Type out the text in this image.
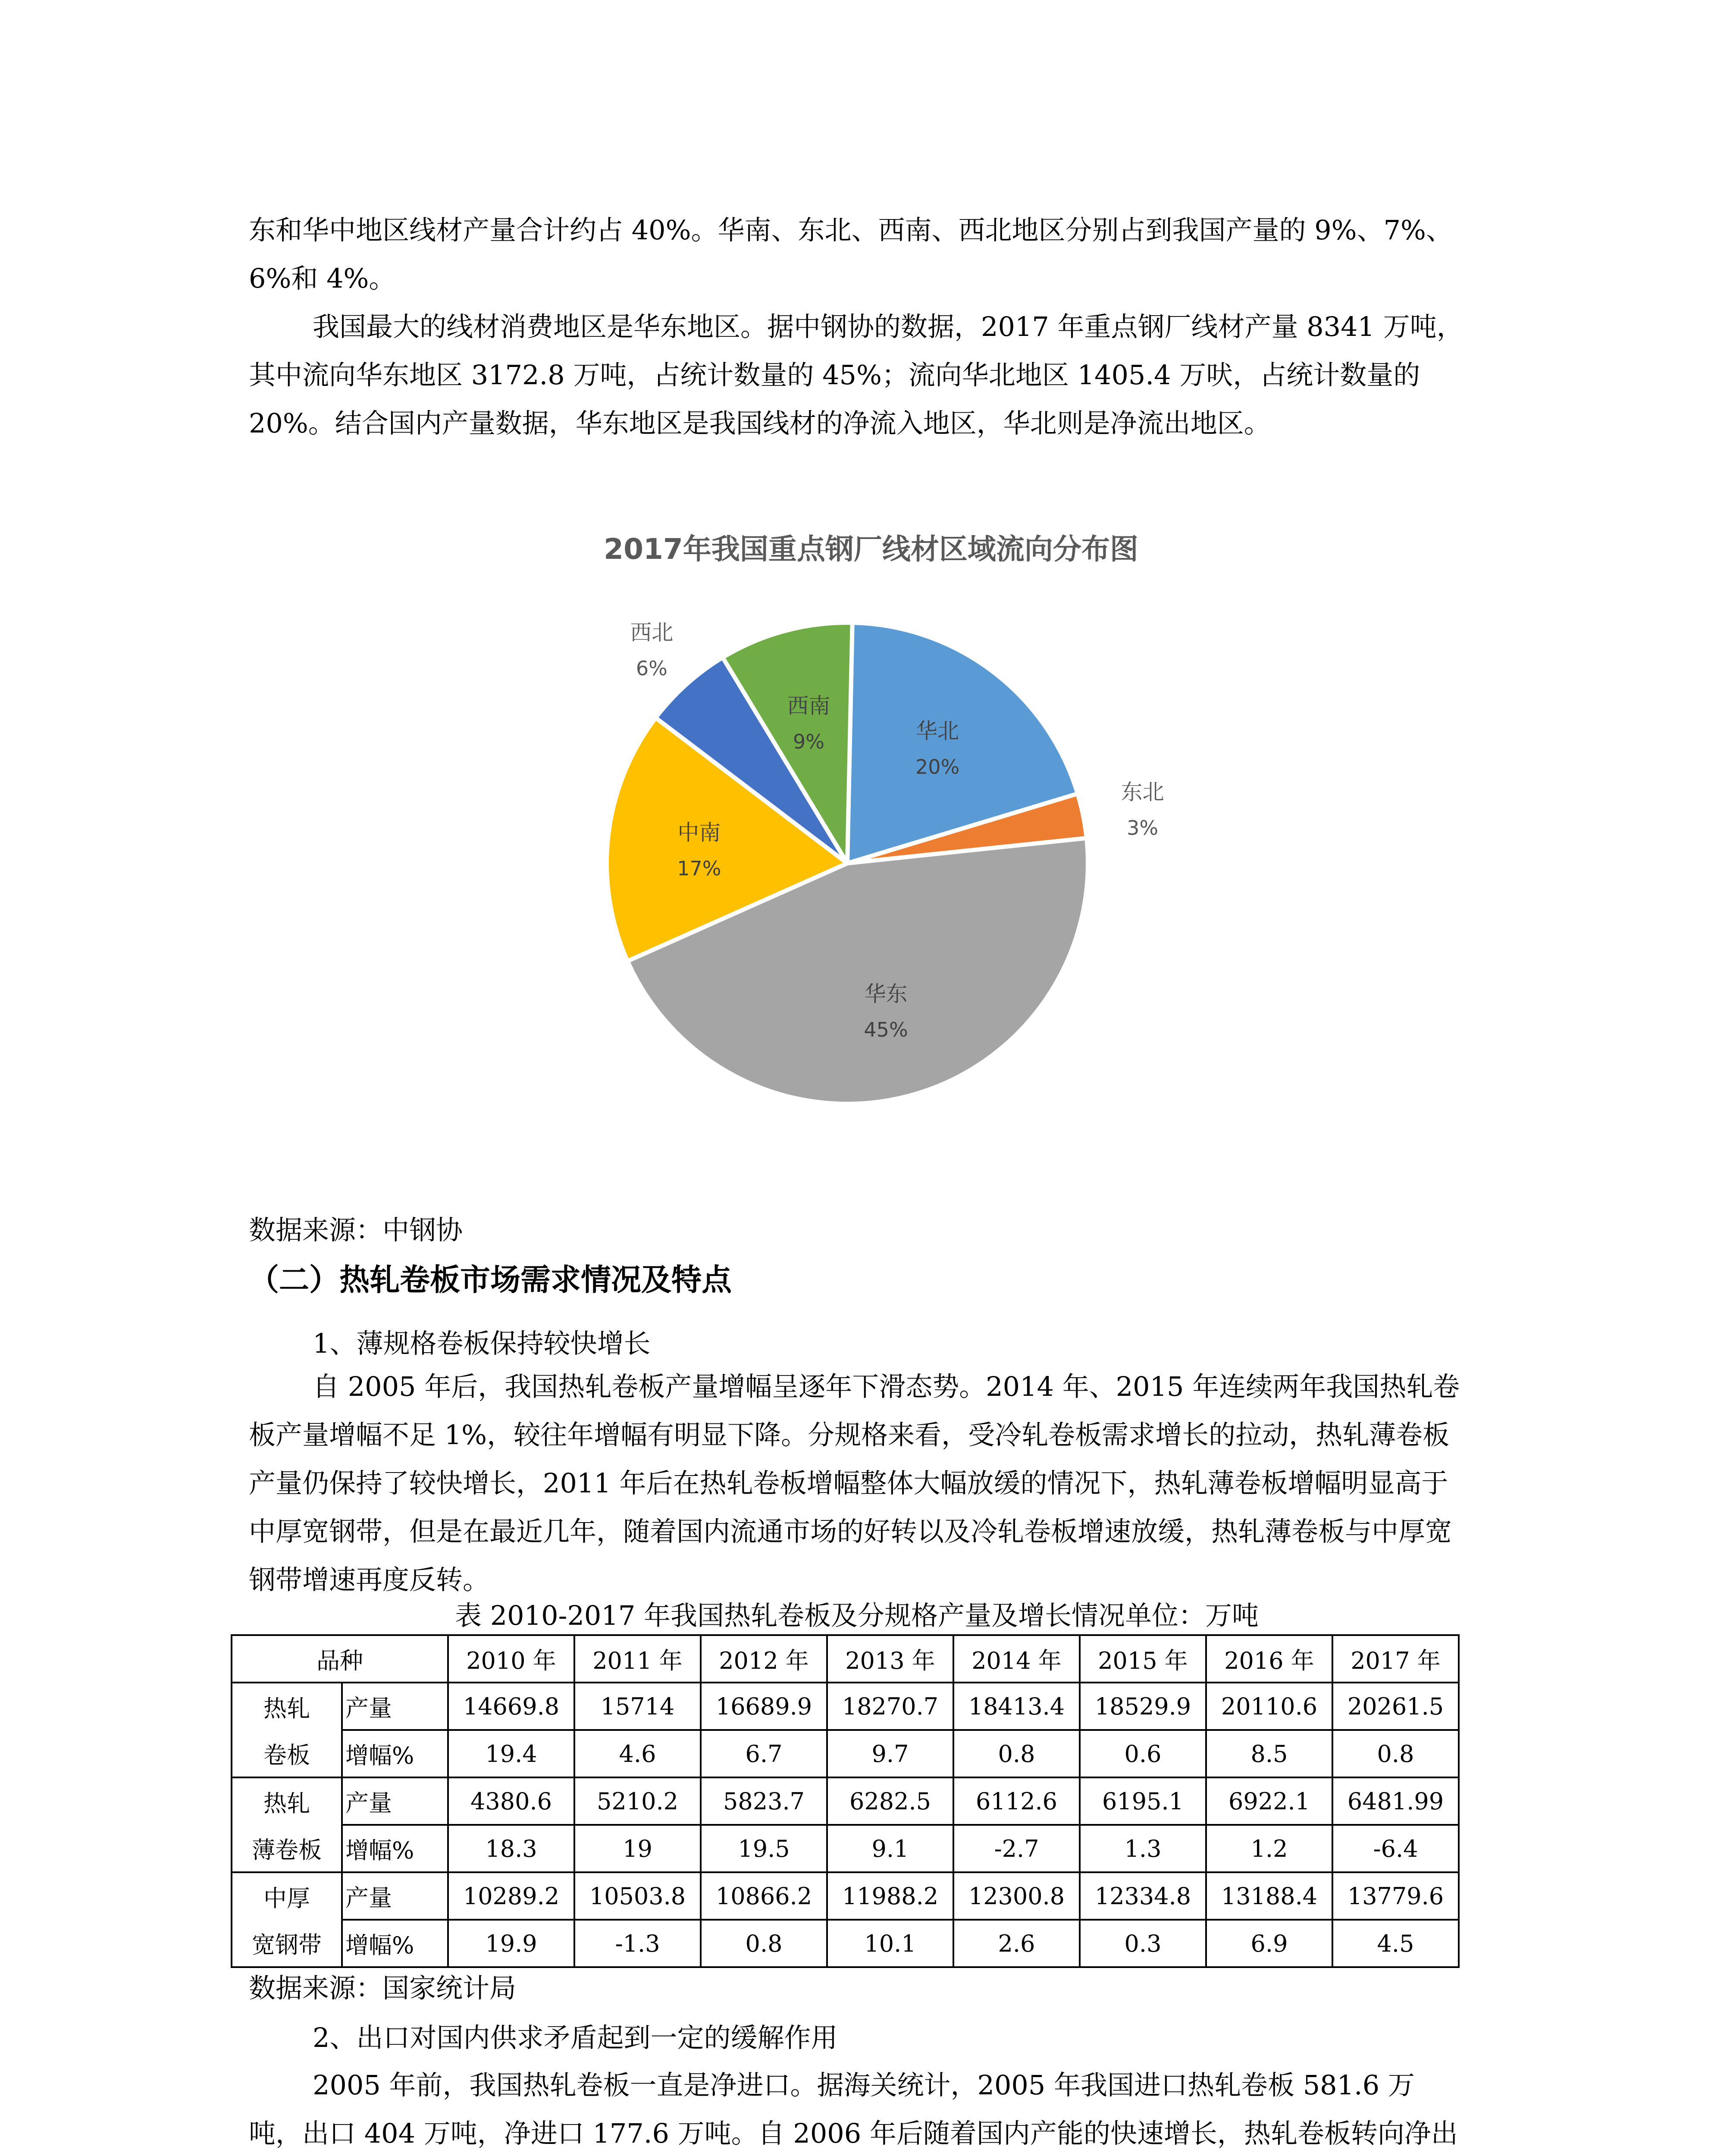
东和华中地区线材产量合计约占 40%。华南、东北、西南、西北地区分别占到我国产量的 9%、7%、6%和 4%。

我国最大的线材消费地区是华东地区。据中钢协的数据，2017 年重点钢厂线材产量 8341 万吨，其中流向华东地区 3172.8 万吨，占统计数量的 45%；流向华北地区 1405.4 万吠，占统计数量的 20%。结合国内产量数据，华东地区是我国线材的净流入地区，华北则是净流出地区。

2017年我国重点钢厂线材区域流向分布图
华北
20%
东北
3%
华东
45%
中南
17%
西北
6%
西南
9%
数据来源：中钢协
（二）热轧卷板市场需求情况及特点
1、薄规格卷板保持较快增长

自 2005 年后，我国热轧卷板产量增幅呈逐年下滑态势。2014 年、2015 年连续两年我国热轧卷板产量增幅不足 1%，较往年增幅有明显下降。分规格来看，受冷轧卷板需求增长的拉动，热轧薄卷板产量仍保持了较快增长，2011 年后在热轧卷板增幅整体大幅放缓的情况下，热轧薄卷板增幅明显高于中厚宽钢带，但是在最近几年，随着国内流通市场的好转以及冷轧卷板增速放缓，热轧薄卷板与中厚宽钢带增速再度反转。

表 2010-2017 年我国热轧卷板及分规格产量及增长情况单位：万吨
品种		2010 年	2011 年	2012 年	2013 年	2014 年	2015 年	2016 年	2017 年
热轧	产量	14669.8	15714	16689.9	18270.7	18413.4	18529.9	20110.6	20261.5
卷板	增幅%	19.4	4.6	6.7	9.7	0.8	0.6	8.5	0.8
热轧	产量	4380.6	5210.2	5823.7	6282.5	6112.6	6195.1	6922.1	6481.99
薄卷板	增幅%	18.3	19	19.5	9.1	-2.7	1.3	1.2	-6.4
中厚	产量	10289.2	10503.8	10866.2	11988.2	12300.8	12334.8	13188.4	13779.6
宽钢带	增幅%	19.9	-1.3	0.8	10.1	2.6	0.3	6.9	4.5
数据来源：国家统计局
2、出口对国内供求矛盾起到一定的缓解作用

2005 年前，我国热轧卷板一直是净进口。据海关统计，2005 年我国进口热轧卷板 581.6 万吨，出口 404 万吨，净进口 177.6 万吨。自 2006 年后随着国内产能的快速增长，热轧卷板转向净出
